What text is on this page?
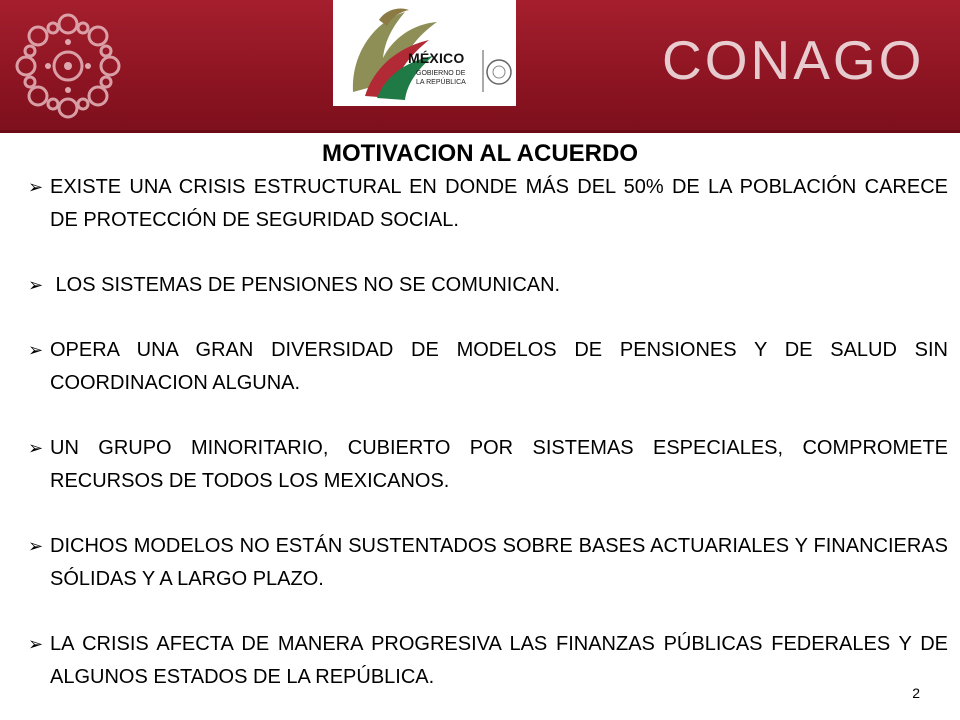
MÉXICO
GOBIERNO DE
LA REPÚBLICA	CONAGO
MOTIVACION AL ACUERDO
➢ EXISTE UNA CRISIS ESTRUCTURAL EN DONDE MÁS DEL 50% DE LA POBLACIÓN CARECE DE PROTECCIÓN DE SEGURIDAD SOCIAL.
➢ LOS SISTEMAS DE PENSIONES NO SE COMUNICAN.
➢ OPERA UNA GRAN DIVERSIDAD DE MODELOS DE PENSIONES Y DE SALUD SIN COORDINACION ALGUNA.
➢ UN GRUPO MINORITARIO, CUBIERTO POR SISTEMAS ESPECIALES, COMPROMETE RECURSOS DE TODOS LOS MEXICANOS.
➢ DICHOS MODELOS NO ESTÁN SUSTENTADOS SOBRE BASES ACTUARIALES Y FINANCIERAS SÓLIDAS Y A LARGO PLAZO.
➢ LA CRISIS AFECTA DE MANERA PROGRESIVA LAS FINANZAS PÚBLICAS FEDERALES Y DE ALGUNOS ESTADOS DE LA REPÚBLICA.
2
